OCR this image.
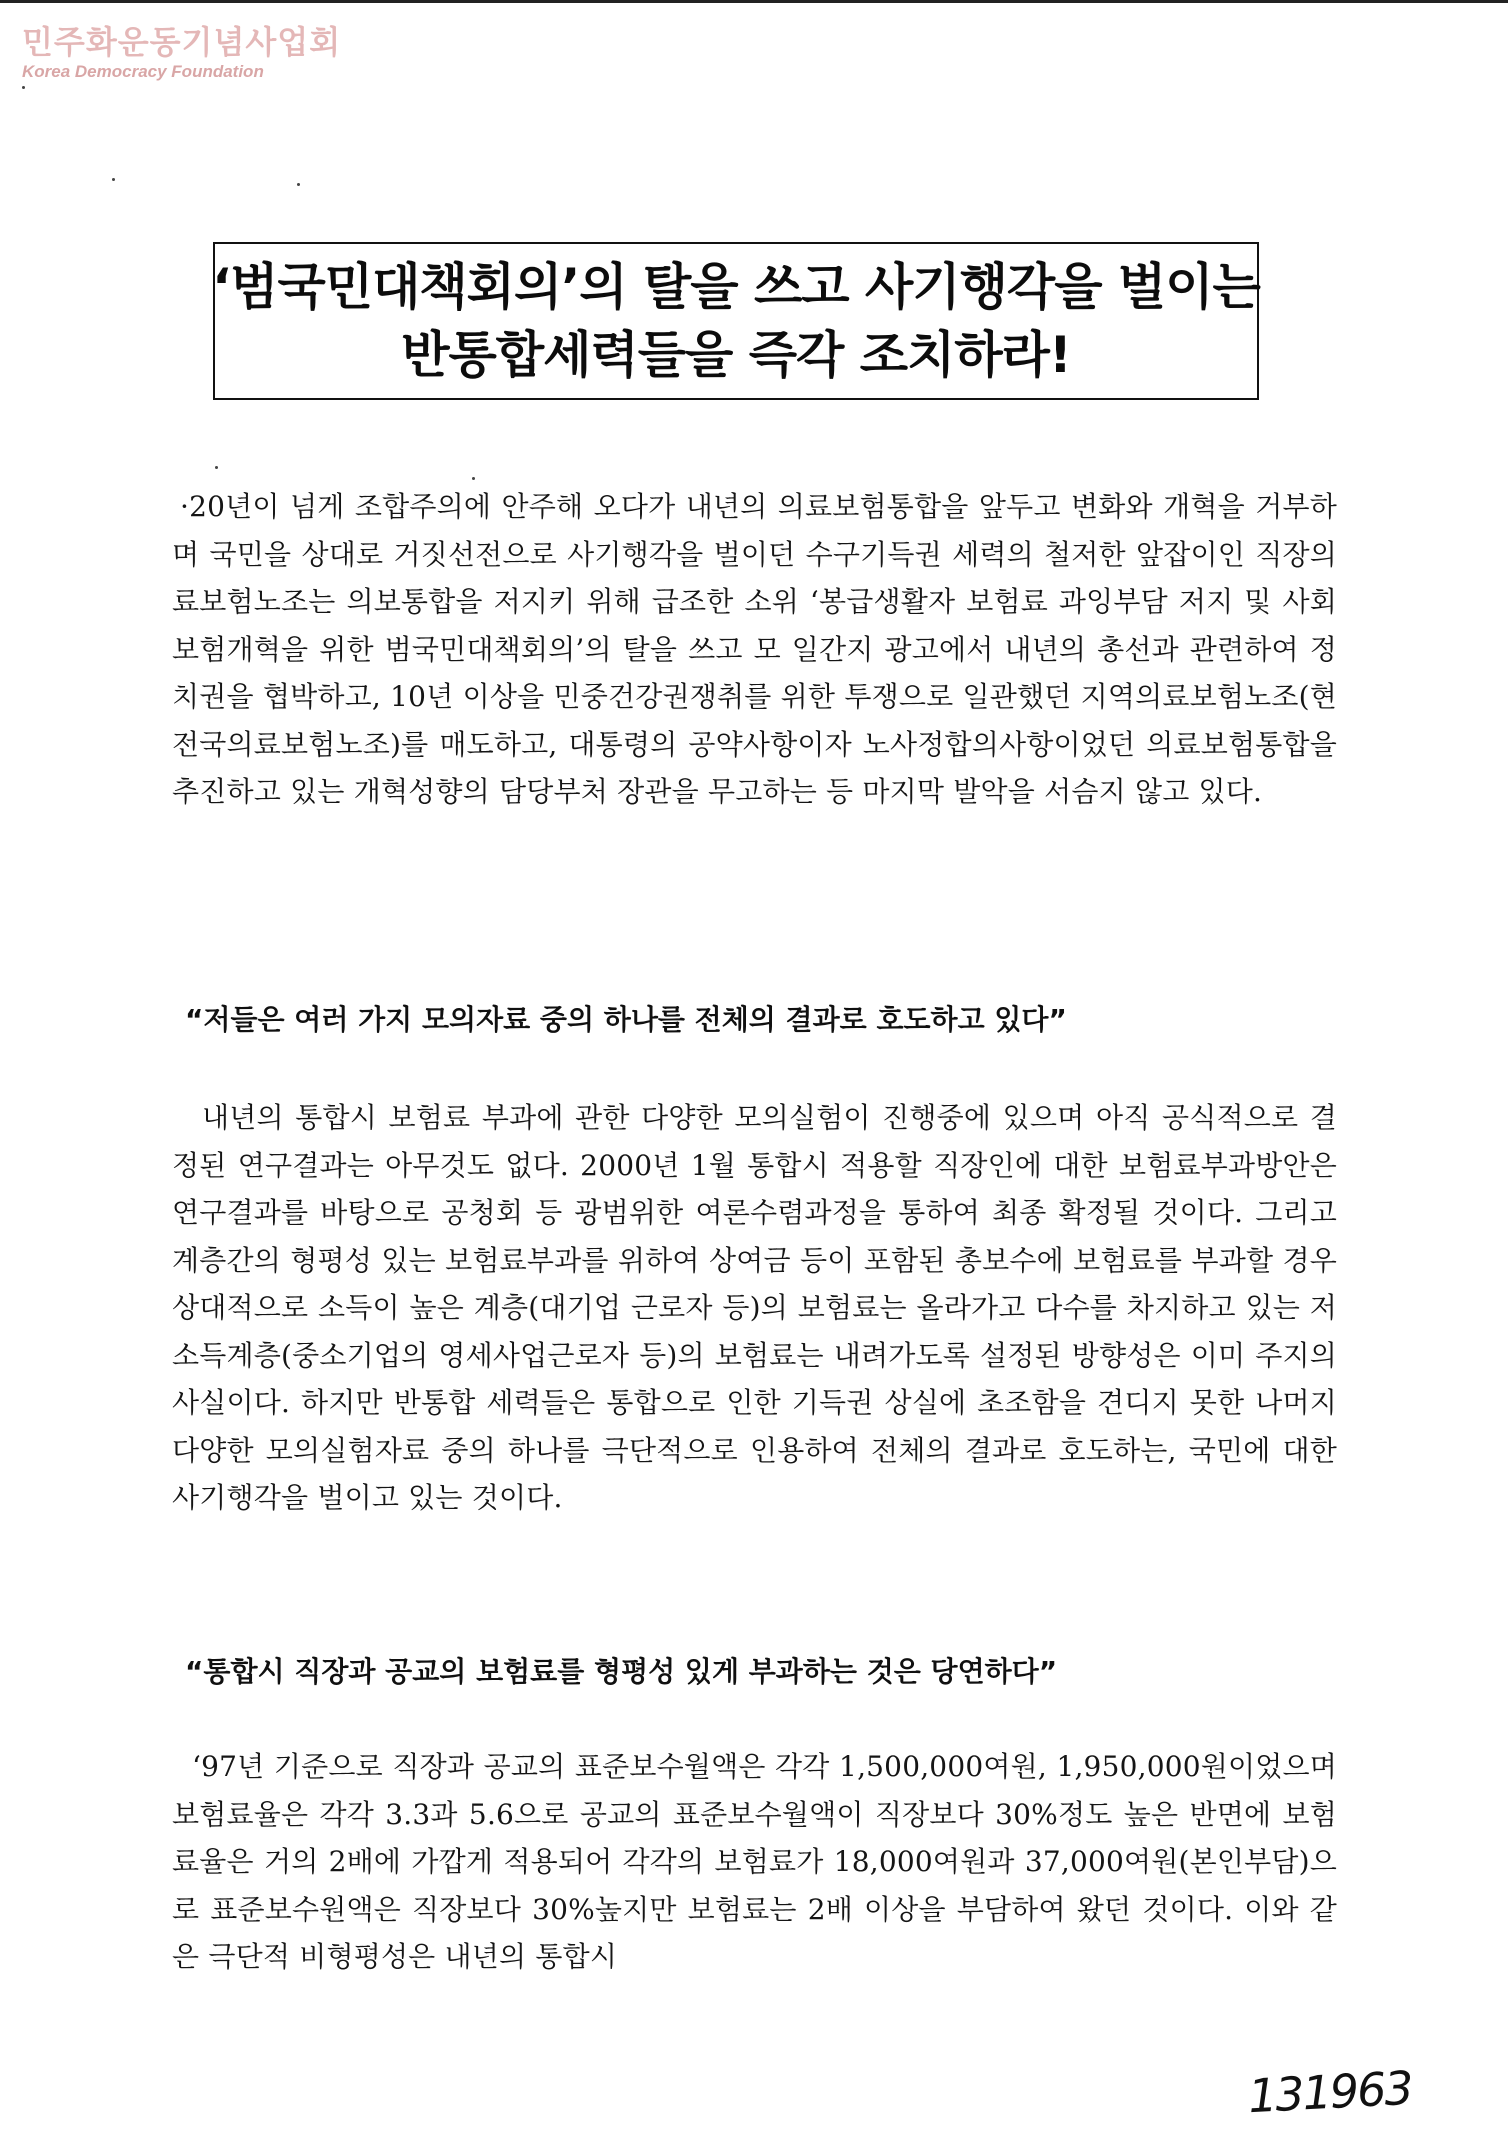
민주화운동기념사업회
Korea Democracy Foundation
‘범국민대책회의’의 탈을 쓰고 사기행각을 벌이는
반통합세력들을 즉각 조치하라!

·20년이 넘게 조합주의에 안주해 오다가 내년의 의료보험통합을 앞두고 변화와 개혁을 거부하며 국민을 상대로 거짓선전으로 사기행각을 벌이던 수구기득권 세력의 철저한 앞잡이인 직장의료보험노조는 의보통합을 저지키 위해 급조한 소위 ‘봉급생활자 보험료 과잉부담 저지 및 사회보험개혁을 위한 범국민대책회의’의 탈을 쓰고 모 일간지 광고에서 내년의 총선과 관련하여 정치권을 협박하고, 10년 이상을 민중건강권쟁취를 위한 투쟁으로 일관했던 지역의료보험노조(현 전국의료보험노조)를 매도하고, 대통령의 공약사항이자 노사정합의사항이었던 의료보험통합을 추진하고 있는 개혁성향의 담당부처 장관을 무고하는 등 마지막 발악을 서슴지 않고 있다.

“저들은 여러 가지 모의자료 중의 하나를 전체의 결과로 호도하고 있다”

내년의 통합시 보험료 부과에 관한 다양한 모의실험이 진행중에 있으며 아직 공식적으로 결정된 연구결과는 아무것도 없다. 2000년 1월 통합시 적용할 직장인에 대한 보험료부과방안은 연구결과를 바탕으로 공청회 등 광범위한 여론수렴과정을 통하여 최종 확정될 것이다. 그리고 계층간의 형평성 있는 보험료부과를 위하여 상여금 등이 포함된 총보수에 보험료를 부과할 경우 상대적으로 소득이 높은 계층(대기업 근로자 등)의 보험료는 올라가고 다수를 차지하고 있는 저소득계층(중소기업의 영세사업근로자 등)의 보험료는 내려가도록 설정된 방향성은 이미 주지의 사실이다. 하지만 반통합 세력들은 통합으로 인한 기득권 상실에 초조함을 견디지 못한 나머지 다양한 모의실험자료 중의 하나를 극단적으로 인용하여 전체의 결과로 호도하는, 국민에 대한 사기행각을 벌이고 있는 것이다.

“통합시 직장과 공교의 보험료를 형평성 있게 부과하는 것은 당연하다”

‘97년 기준으로 직장과 공교의 표준보수월액은 각각 1,500,000여원, 1,950,000원이었으며 보험료율은 각각 3.3과 5.6으로 공교의 표준보수월액이 직장보다 30%정도 높은 반면에 보험료율은 거의 2배에 가깝게 적용되어 각각의 보험료가 18,000여원과 37,000여원(본인부담)으로 표준보수원액은 직장보다 30%높지만 보험료는 2배 이상을 부담하여 왔던 것이다. 이와 같은 극단적 비형평성은 내년의 통합시

131963
